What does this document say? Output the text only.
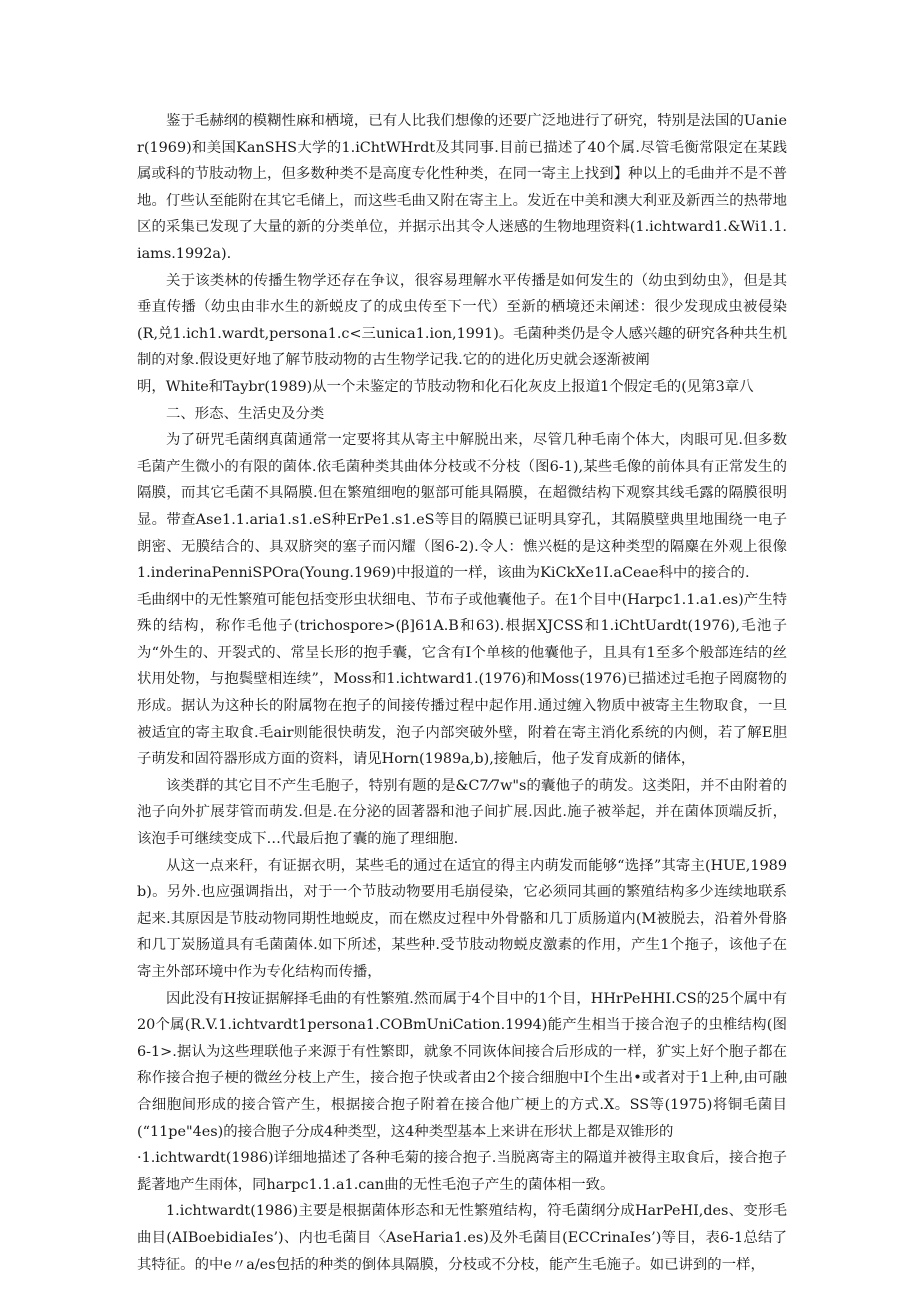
鉴于毛赫纲的模糊性麻和栖境，已有人比我们想像的还要广泛地进行了研究，特别是法国的Uanier(1969)和美国KanSHS大学的1.iChtWHrdt及其同事.目前已描述了40个属.尽管毛衡常限定在某践属或科的节肢动物上，但多数种类不是高度专化性种类，在同一寄主上找到】种以上的毛曲并不是不普地。仃些认至能附在其它毛储上，而这些毛曲又附在寄主上。发近在中美和澳大利亚及新西兰的热带地区的采集已发现了大量的新的分类单位，并据示出其令人迷感的生物地理资料(1.ichtward1.&Wi1.1.iams.1992a).

关于该类林的传播生物学还存在争议，很容易理解水平传播是如何发生的（幼虫到幼虫》，但是其垂直传播（幼虫由非水生的新蜕皮了的成虫传至下一代）至新的栖境还未阐述：很少发现成虫被侵染(R,兑1.ich1.wardt,persona1.c<三unica1.ion,1991)。毛菌种类仍是令人感兴趣的研究各种共生机制的对象.假设更好地了解节肢动物的古生物学记我.它的的进化历史就会逐渐被阐

明，White和Taybr(1989)从一个未鉴定的节肢动物和化石化灰皮上报道1个假定毛的(见第3章八

二、形态、生活史及分类

为了研咒毛菌纲真菌通常一定要将其从寄主中解脱出来，尽管几种毛南个体大，肉眼可见.但多数毛菌产生微小的有限的菌体.依毛菌种类其曲体分枝或不分枝（图6-1),某些毛像的前体具有正常发生的隔膜，而其它毛菌不具隔膜.但在繁殖细咆的躯部可能具隔膜，在超微结构下观察其线毛露的隔膜很明显。带查Ase1.1.aria1.s1.eS种ErPe1.s1.eS等目的隔膜已证明具穿孔，其隔膜壁典里地围绕一电子朗密、无膜结合的、具双脐突的塞子而闪耀（图6-2).令人：憔兴梃的是这种类型的隔麋在外观上很像1.inderinaPenniSPOra(Young.1969)中报道的一样，该曲为KiCkXe1I.aCeae科中的接合的.

毛曲纲中的无性繁殖可能包括变形虫状细电、节布子或他囊他子。在1个目中(Harpc1.1.a1.es)产生特殊的结构，称作毛他子(trichospore>(β]61A.B和63).根据XJCSS和1.iChtUardt(1976),毛池子为“外生的、开裂式的、常呈长形的抱手囊，它含有I个单核的他囊他子，且具有1至多个般部连结的丝状用处物，与抱鬓壁相连续”，Moss和1.ichtward1.(1976)和Moss(1976)已描述过毛抱子罔腐物的形成。据认为这种长的附属物在抱子的间接传播过程中起作用.通过缠入物质中被寄主生物取食，一旦被适宜的寄主取食.毛air则能很快萌发，泡子内部突破外壁，附着在寄主消化系统的内侧，若了解E胆子萌发和固符器形成方面的资料，请见Horn(1989a,b),接触后，他子发育成新的储体，

该类群的其它目不产生毛胞子，特别有题的是&C7⁄7w"s的囊他子的萌发。这类阳，并不由附着的池子向外扩展芽管而萌发.但是.在分泌的固著器和池子间扩展.因此.施子被举起，并在菌体顶端反折，该泡手可继续变成下…代最后抱了囊的施了理细胞.

从这一点来秆，有证据衣明，某些毛的通过在适宜的得主内萌发而能够“选择”其寄主(HUE,1989b)。另外.也应强调指出，对于一个节肢动物要用毛崩侵染，它必须同其画的繁殖结构多少连续地联系起来.其原因是节肢动物同期性地蜕皮，而在燃皮过程中外骨骼和几丁质肠道内(M被脱去，沿着外骨胳和几丁炭肠道具有毛菌菌体.如下所述，某些种.受节肢动物蜕皮激素的作用，产生1个拖子，该他子在寄主外部环境中作为专化结构而传播，

因此没有H按证据解择毛曲的有性繁殖.然而属于4个目中的1个目，HHrPeHHI.CS的25个属中有20个属(R.V.1.ichtvardt1persona1.COBmUniCation.1994)能产生相当于接合泡子的虫椎结构(图6-1>.据认为这些理联他子来源于有性繁即，就象不同诙体间接合后形成的一样，犷实上好个胞子都在称作接合抱子梗的微丝分枝上产生，接合抱子快或者由2个接合细胞中I个生出•或者对于1上种,由可融合细胞间形成的接合管产生，根据接合抱子附着在接合他广梗上的方式.X。SS等(1975)将铜毛菌目(“11pe"4es)的接合胞子分成4种类型，这4种类型基本上来讲在形状上都是双锥形的

·1.ichtwardt(1986)详细地描述了各种毛菊的接合抱子.当脱离寄主的隔道并被得主取食后，接合抱子髭著地产生雨体，同harpc1.1.a1.can曲的无性毛泡子产生的菌体相一致。

1.ichtwardt(1986)主要是根据菌体形态和无性繁殖结构，符毛菌纲分成HarPeHI,des、变形毛曲目(AIBoebidiaIes’)、内也毛菌目〈AseHaria1.es)及外毛菌目(ECCrinaIes’)等目，表6-1总结了其特征。的中e〃a/es包括的种类的倒体具隔膜，分枝或不分枝，能产生毛施子。如已讲到的一样，
